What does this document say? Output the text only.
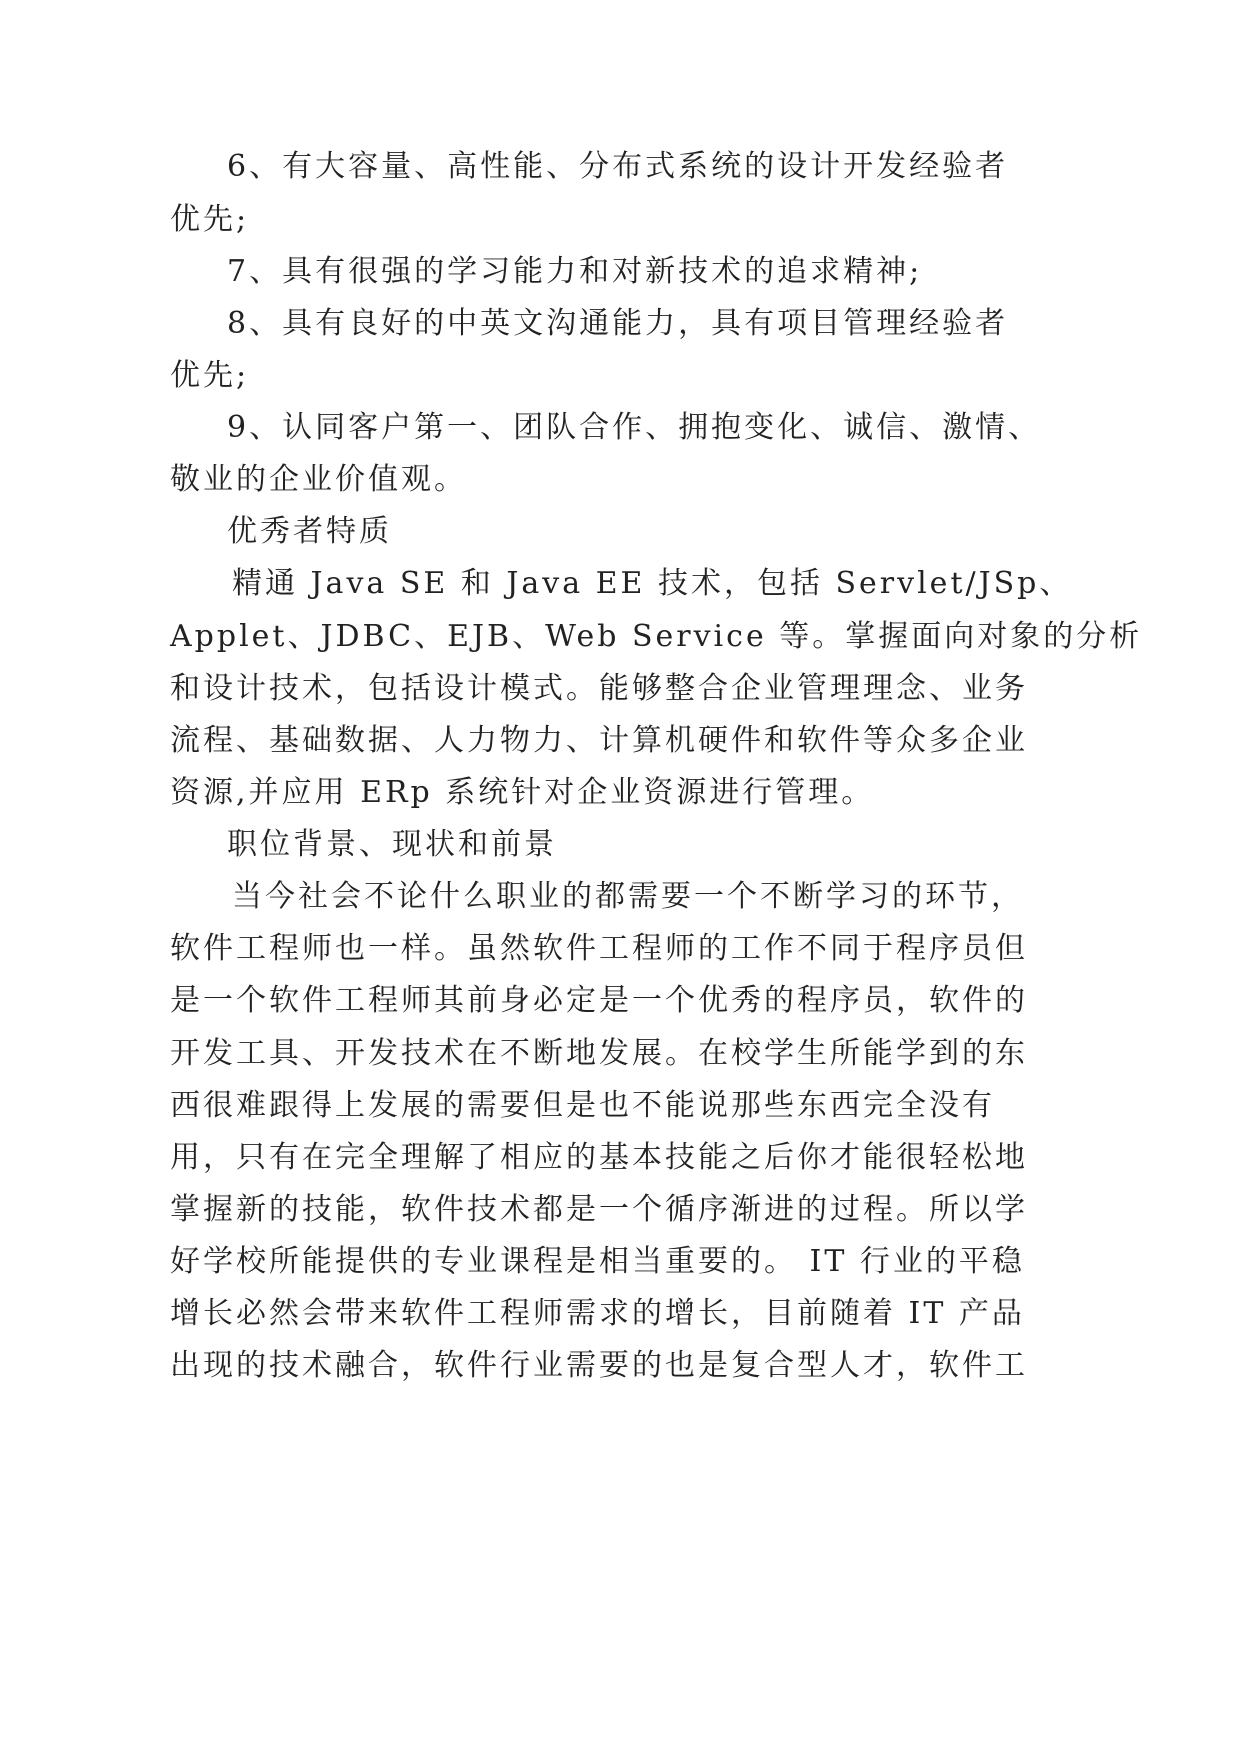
6、有大容量、高性能、分布式系统的设计开发经验者

优先;

7、具有很强的学习能力和对新技术的追求精神;

8、具有良好的中英文沟通能力，具有项目管理经验者

优先;

9、认同客户第一、团队合作、拥抱变化、诚信、激情、

敬业的企业价值观。

优秀者特质

精通 Java SE 和 Java EE 技术，包括 Servlet/JSp、

Applet、JDBC、EJB、Web Service 等。掌握面向对象的分析

和设计技术，包括设计模式。能够整合企业管理理念、业务

流程、基础数据、人力物力、计算机硬件和软件等众多企业

资源,并应用 ERp 系统针对企业资源进行管理。

职位背景、现状和前景

当今社会不论什么职业的都需要一个不断学习的环节，

软件工程师也一样。虽然软件工程师的工作不同于程序员但

是一个软件工程师其前身必定是一个优秀的程序员，软件的

开发工具、开发技术在不断地发展。在校学生所能学到的东

西很难跟得上发展的需要但是也不能说那些东西完全没有

用，只有在完全理解了相应的基本技能之后你才能很轻松地

掌握新的技能，软件技术都是一个循序渐进的过程。所以学

好学校所能提供的专业课程是相当重要的。 IT 行业的平稳

增长必然会带来软件工程师需求的增长，目前随着 IT 产品

出现的技术融合，软件行业需要的也是复合型人才，软件工
